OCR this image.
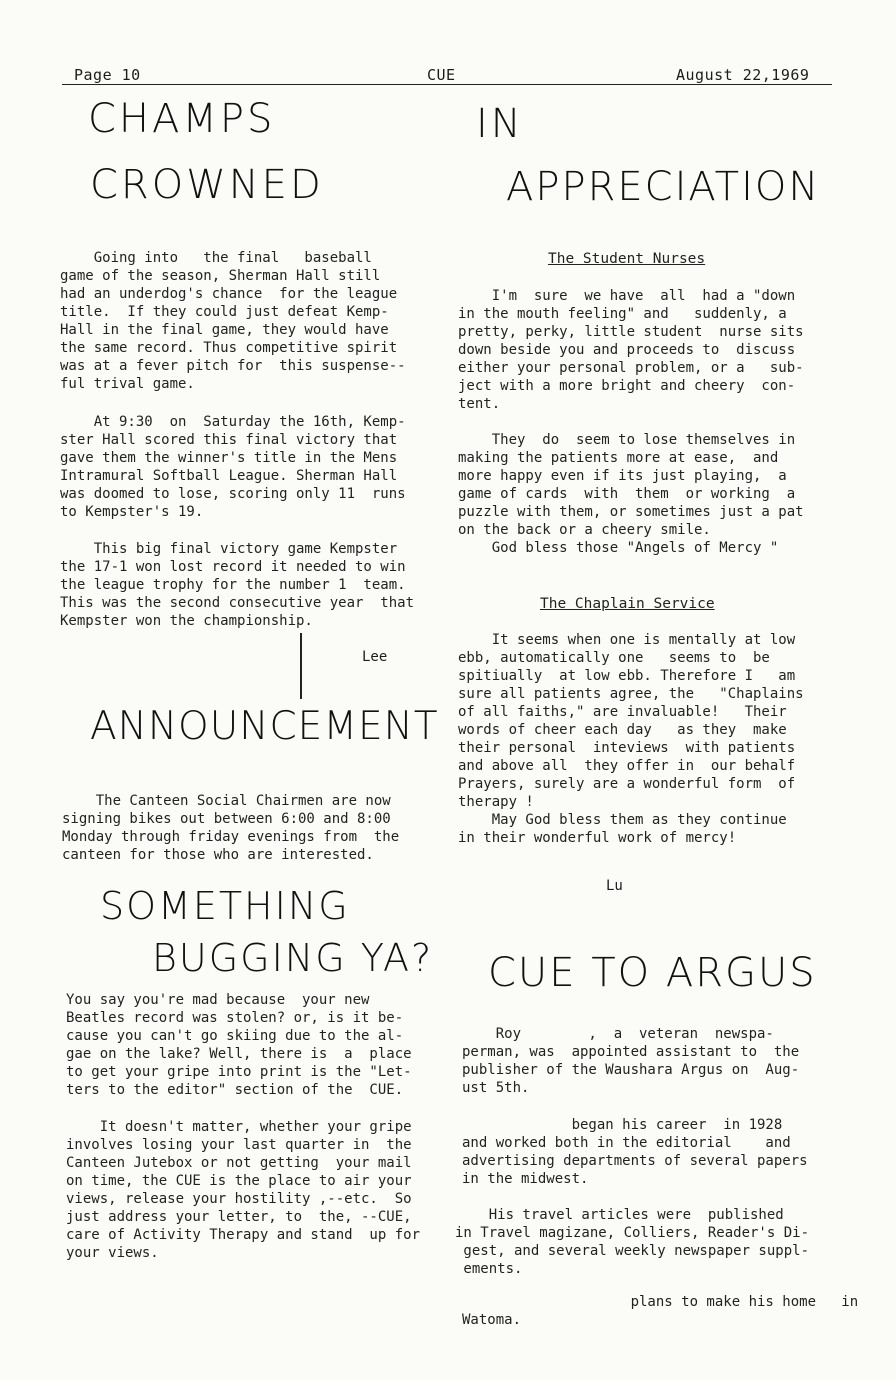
Page 10	CUE	August 22,1969
CHAMPS
CROWNED
Going into   the final   baseball
game of the season, Sherman Hall still
had an underdog's chance  for the league
title.  If they could just defeat Kemp-
Hall in the final game, they would have
the same record. Thus competitive spirit
was at a fever pitch for  this suspense--
ful trival game.
At 9:30  on  Saturday the 16th, Kemp-
ster Hall scored this final victory that
gave them the winner's title in the Mens
Intramural Softball League. Sherman Hall
was doomed to lose, scoring only 11  runs
to Kempster's 19.
This big final victory game Kempster
the 17-1 won lost record it needed to win
the league trophy for the number 1  team.
This was the second consecutive year  that
Kempster won the championship.
Lee
ANNOUNCEMENT
The Canteen Social Chairmen are now
signing bikes out between 6:00 and 8:00
Monday through friday evenings from  the
canteen for those who are interested.
SOMETHING
BUGGING YA?
You say you're mad because  your new
Beatles record was stolen? or, is it be-
cause you can't go skiing due to the al-
gae on the lake? Well, there is  a  place
to get your gripe into print is the "Let-
ters to the editor" section of the  CUE.
It doesn't matter, whether your gripe
involves losing your last quarter in  the
Canteen Jutebox or not getting  your mail
on time, the CUE is the place to air your
views, release your hostility ,--etc.  So
just address your letter, to  the, --CUE,
care of Activity Therapy and stand  up for
your views.
IN
APPRECIATION
The Student Nurses
I'm  sure  we have  all  had a "down
in the mouth feeling" and   suddenly, a
pretty, perky, little student  nurse sits
down beside you and proceeds to  discuss
either your personal problem, or a   sub-
ject with a more bright and cheery  con-
tent.
They  do  seem to lose themselves in
making the patients more at ease,  and
more happy even if its just playing,  a
game of cards  with  them  or working  a
puzzle with them, or sometimes just a pat
on the back or a cheery smile.
God bless those "Angels of Mercy "
The Chaplain Service
It seems when one is mentally at low
ebb, automatically one   seems to  be
spitiually  at low ebb. Therefore I   am
sure all patients agree, the   "Chaplains
of all faiths," are invaluable!   Their
words of cheer each day   as they  make
their personal  inteviews  with patients
and above all  they offer in  our behalf
Prayers, surely are a wonderful form  of
therapy !
May God bless them as they continue
in their wonderful work of mercy!
Lu
CUE TO ARGUS
Roy        ,  a  veteran  newspa-
perman, was  appointed assistant to  the
publisher of the Waushara Argus on  Aug-
ust 5th.
began his career  in 1928
and worked both in the editorial    and
advertising departments of several papers
in the midwest.
His travel articles were  published
in Travel magizane, Colliers, Reader's Di-
gest, and several weekly newspaper suppl-
ements.
plans to make his home   in
Watoma.
